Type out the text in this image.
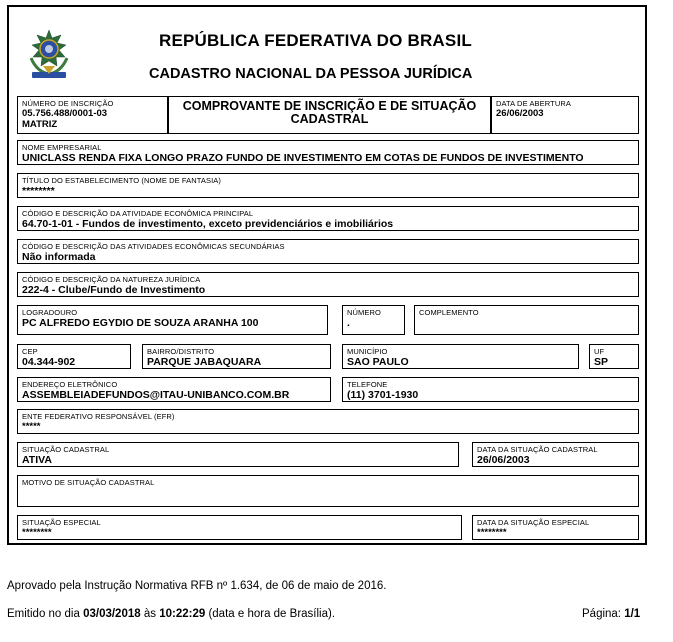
REPÚBLICA FEDERATIVA DO BRASIL
CADASTRO NACIONAL DA PESSOA JURÍDICA
NÚMERO DE INSCRIÇÃO
05.756.488/0001-03
MATRIZ
COMPROVANTE DE INSCRIÇÃO E DE SITUAÇÃO
CADASTRAL
DATA DE ABERTURA
26/06/2003
NOME EMPRESARIAL
UNICLASS RENDA FIXA LONGO PRAZO FUNDO DE INVESTIMENTO EM COTAS DE FUNDOS DE INVESTIMENTO
TÍTULO DO ESTABELECIMENTO (NOME DE FANTASIA)
********
CÓDIGO E DESCRIÇÃO DA ATIVIDADE ECONÔMICA PRINCIPAL
64.70-1-01 - Fundos de investimento, exceto previdenciários e imobiliários
CÓDIGO E DESCRIÇÃO DAS ATIVIDADES ECONÔMICAS SECUNDÁRIAS
Não informada
CÓDIGO E DESCRIÇÃO DA NATUREZA JURÍDICA
222-4 - Clube/Fundo de Investimento
LOGRADOURO
PC ALFREDO EGYDIO DE SOUZA ARANHA 100
NÚMERO
.
COMPLEMENTO
CEP
04.344-902
BAIRRO/DISTRITO
PARQUE JABAQUARA
MUNICÍPIO
SAO PAULO
UF
SP
ENDEREÇO ELETRÔNICO
ASSEMBLEIADEFUNDOS@ITAU-UNIBANCO.COM.BR
TELEFONE
(11) 3701-1930
ENTE FEDERATIVO RESPONSÁVEL (EFR)
*****
SITUAÇÃO CADASTRAL
ATIVA
DATA DA SITUAÇÃO CADASTRAL
26/06/2003
MOTIVO DE SITUAÇÃO CADASTRAL
SITUAÇÃO ESPECIAL
********
DATA DA SITUAÇÃO ESPECIAL
********
Aprovado pela Instrução Normativa RFB nº 1.634, de 06 de maio de 2016.
Emitido no dia 03/03/2018 às 10:22:29 (data e hora de Brasília).	Página: 1/1
